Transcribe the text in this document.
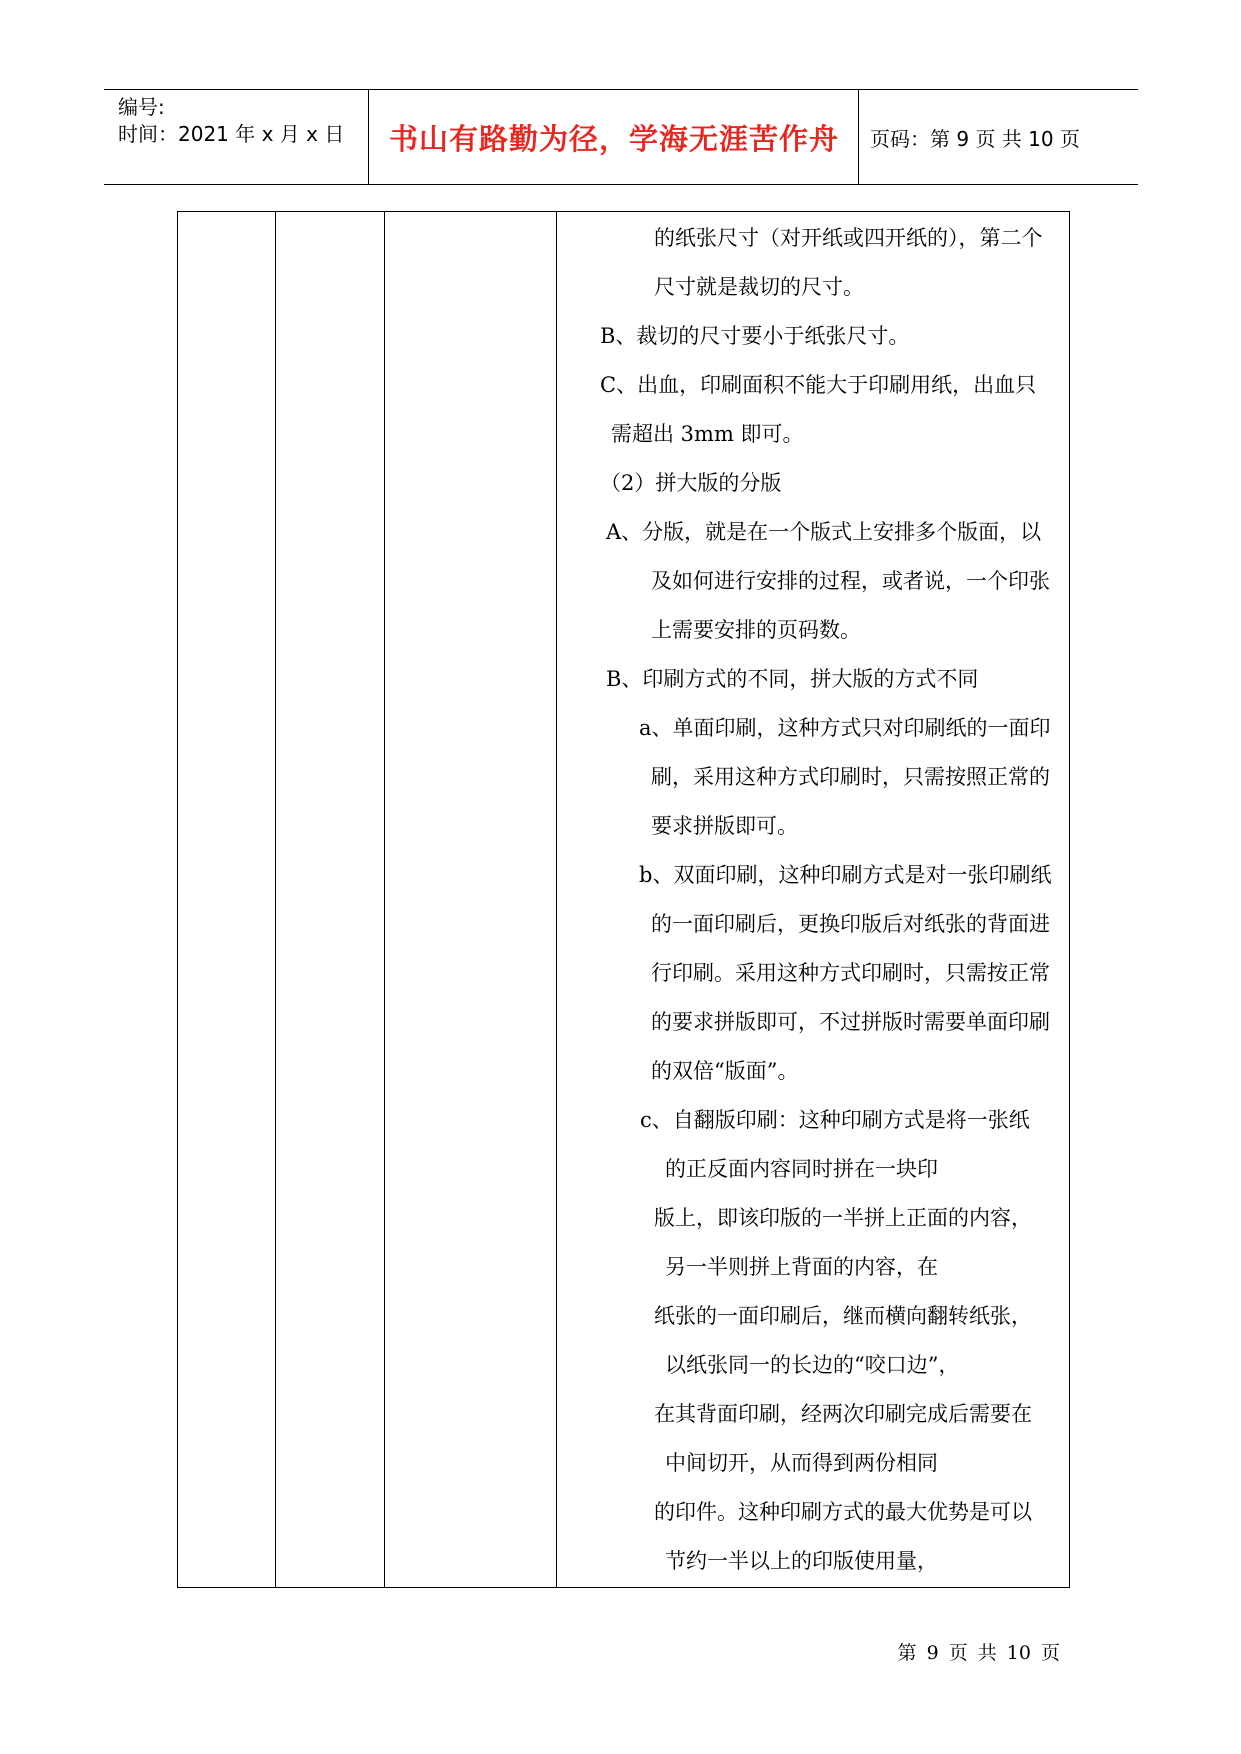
编号:
时间：2021 年 x 月 x 日	书山有路勤为径，学海无涯苦作舟	页码：第 9 页 共 10 页
的纸张尺寸（对开纸或四开纸的），第二个
尺寸就是裁切的尺寸。
B、裁切的尺寸要小于纸张尺寸。
C、出血，印刷面积不能大于印刷用纸，出血只
需超出 3mm 即可。
（2）拼大版的分版
A、分版，就是在一个版式上安排多个版面，以
及如何进行安排的过程，或者说，一个印张
上需要安排的页码数。
B、印刷方式的不同，拼大版的方式不同
a、单面印刷，这种方式只对印刷纸的一面印
刷，采用这种方式印刷时，只需按照正常的
要求拼版即可。
b、双面印刷，这种印刷方式是对一张印刷纸
的一面印刷后，更换印版后对纸张的背面进
行印刷。采用这种方式印刷时，只需按正常
的要求拼版即可，不过拼版时需要单面印刷
的双倍“版面”。
c、自翻版印刷：这种印刷方式是将一张纸
的正反面内容同时拼在一块印
版上，即该印版的一半拼上正面的内容，
另一半则拼上背面的内容，在
纸张的一面印刷后，继而横向翻转纸张，
以纸张同一的长边的“咬口边”，
在其背面印刷，经两次印刷完成后需要在
中间切开，从而得到两份相同
的印件。这种印刷方式的最大优势是可以
节约一半以上的印版使用量，
第 9 页 共 10 页
